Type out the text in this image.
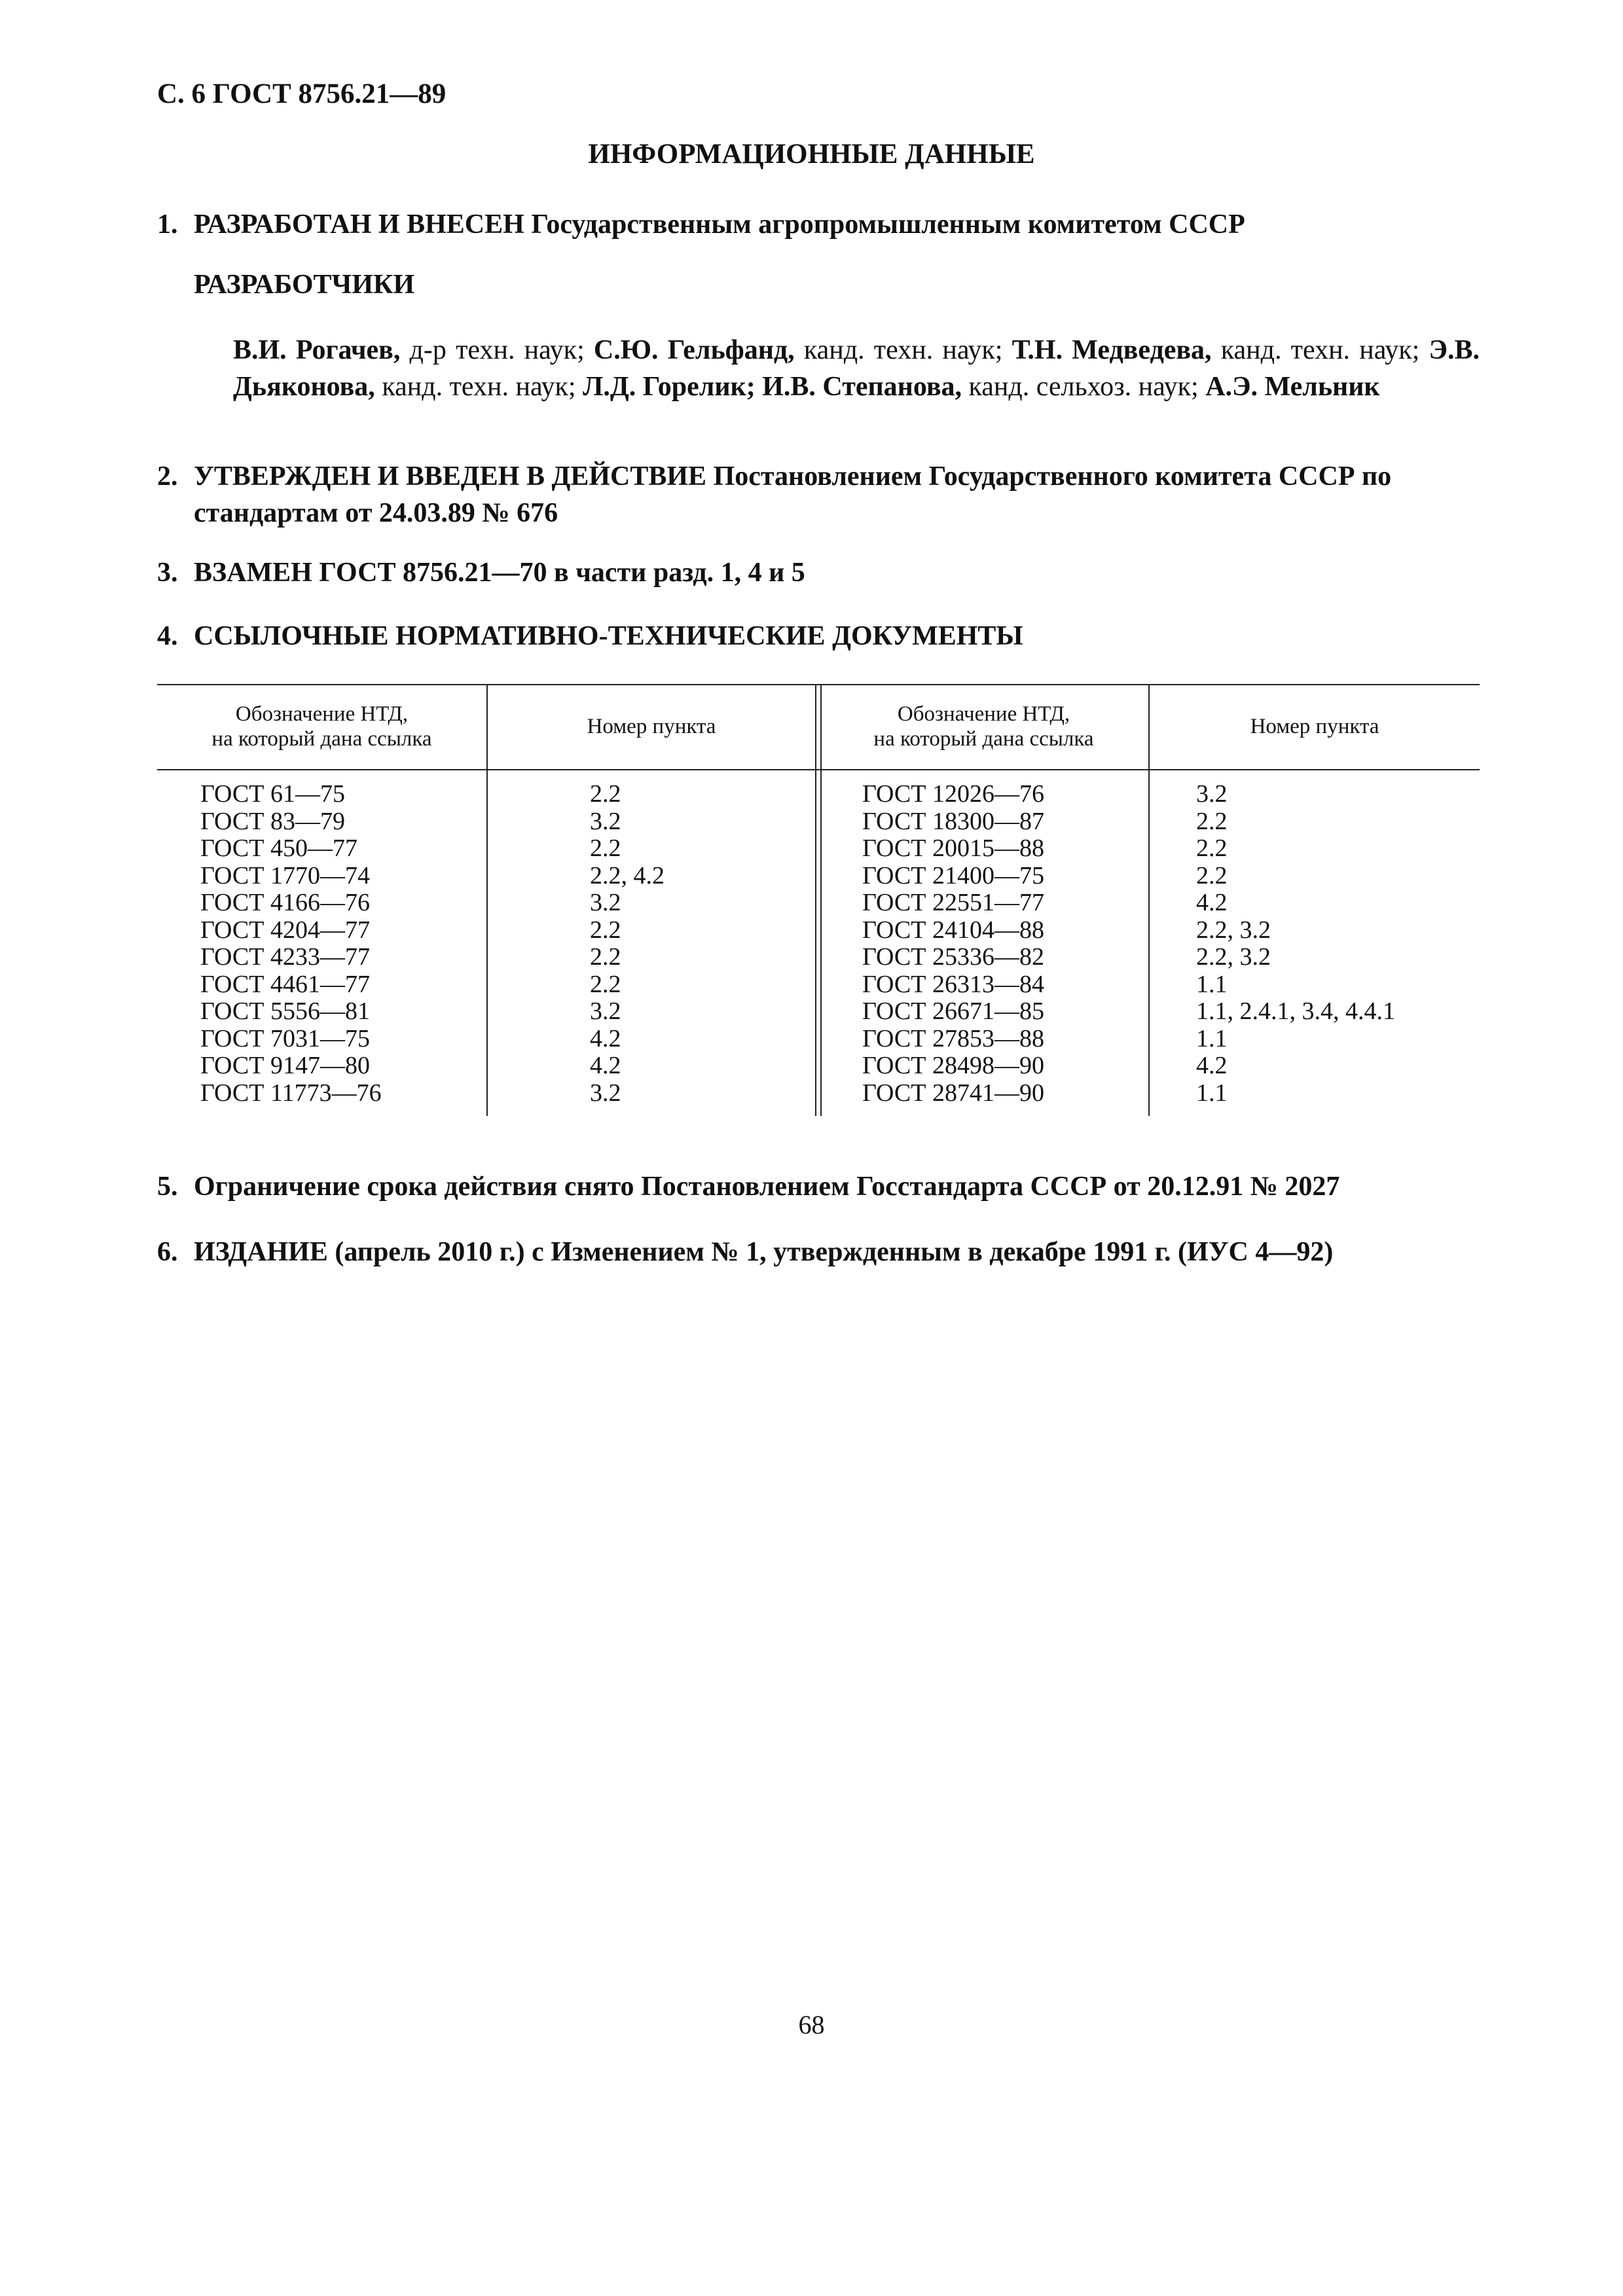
С. 6 ГОСТ 8756.21—89
ИНФОРМАЦИОННЫЕ ДАННЫЕ
1. РАЗРАБОТАН И ВНЕСЕН Государственным агропромышленным комитетом СССР
РАЗРАБОТЧИКИ
В.И. Рогачев, д-р техн. наук; С.Ю. Гельфанд, канд. техн. наук; Т.Н. Медведева, канд. техн. наук; Э.В. Дьяконова, канд. техн. наук; Л.Д. Горелик; И.В. Степанова, канд. сельхоз. наук; А.Э. Мельник
2. УТВЕРЖДЕН И ВВЕДЕН В ДЕЙСТВИЕ Постановлением Государственного комитета СССР по стандартам от 24.03.89 № 676
3. ВЗАМЕН ГОСТ 8756.21—70 в части разд. 1, 4 и 5
4. ССЫЛОЧНЫЕ НОРМАТИВНО-ТЕХНИЧЕСКИЕ ДОКУМЕНТЫ
Обозначение НТД,
на который дана ссылка
Номер пункта
Обозначение НТД,
на который дана ссылка
Номер пункта
ГОСТ 61—75
ГОСТ 83—79
ГОСТ 450—77
ГОСТ 1770—74
ГОСТ 4166—76
ГОСТ 4204—77
ГОСТ 4233—77
ГОСТ 4461—77
ГОСТ 5556—81
ГОСТ 7031—75
ГОСТ 9147—80
ГОСТ 11773—76
2.2
3.2
2.2
2.2, 4.2
3.2
2.2
2.2
2.2
3.2
4.2
4.2
3.2
ГОСТ 12026—76
ГОСТ 18300—87
ГОСТ 20015—88
ГОСТ 21400—75
ГОСТ 22551—77
ГОСТ 24104—88
ГОСТ 25336—82
ГОСТ 26313—84
ГОСТ 26671—85
ГОСТ 27853—88
ГОСТ 28498—90
ГОСТ 28741—90
3.2
2.2
2.2
2.2
4.2
2.2, 3.2
2.2, 3.2
1.1
1.1, 2.4.1, 3.4, 4.4.1
1.1
4.2
1.1
5. Ограничение срока действия снято Постановлением Госстандарта СССР от 20.12.91 № 2027
6. ИЗДАНИЕ (апрель 2010 г.) с Изменением № 1, утвержденным в декабре 1991 г. (ИУС 4—92)
68
